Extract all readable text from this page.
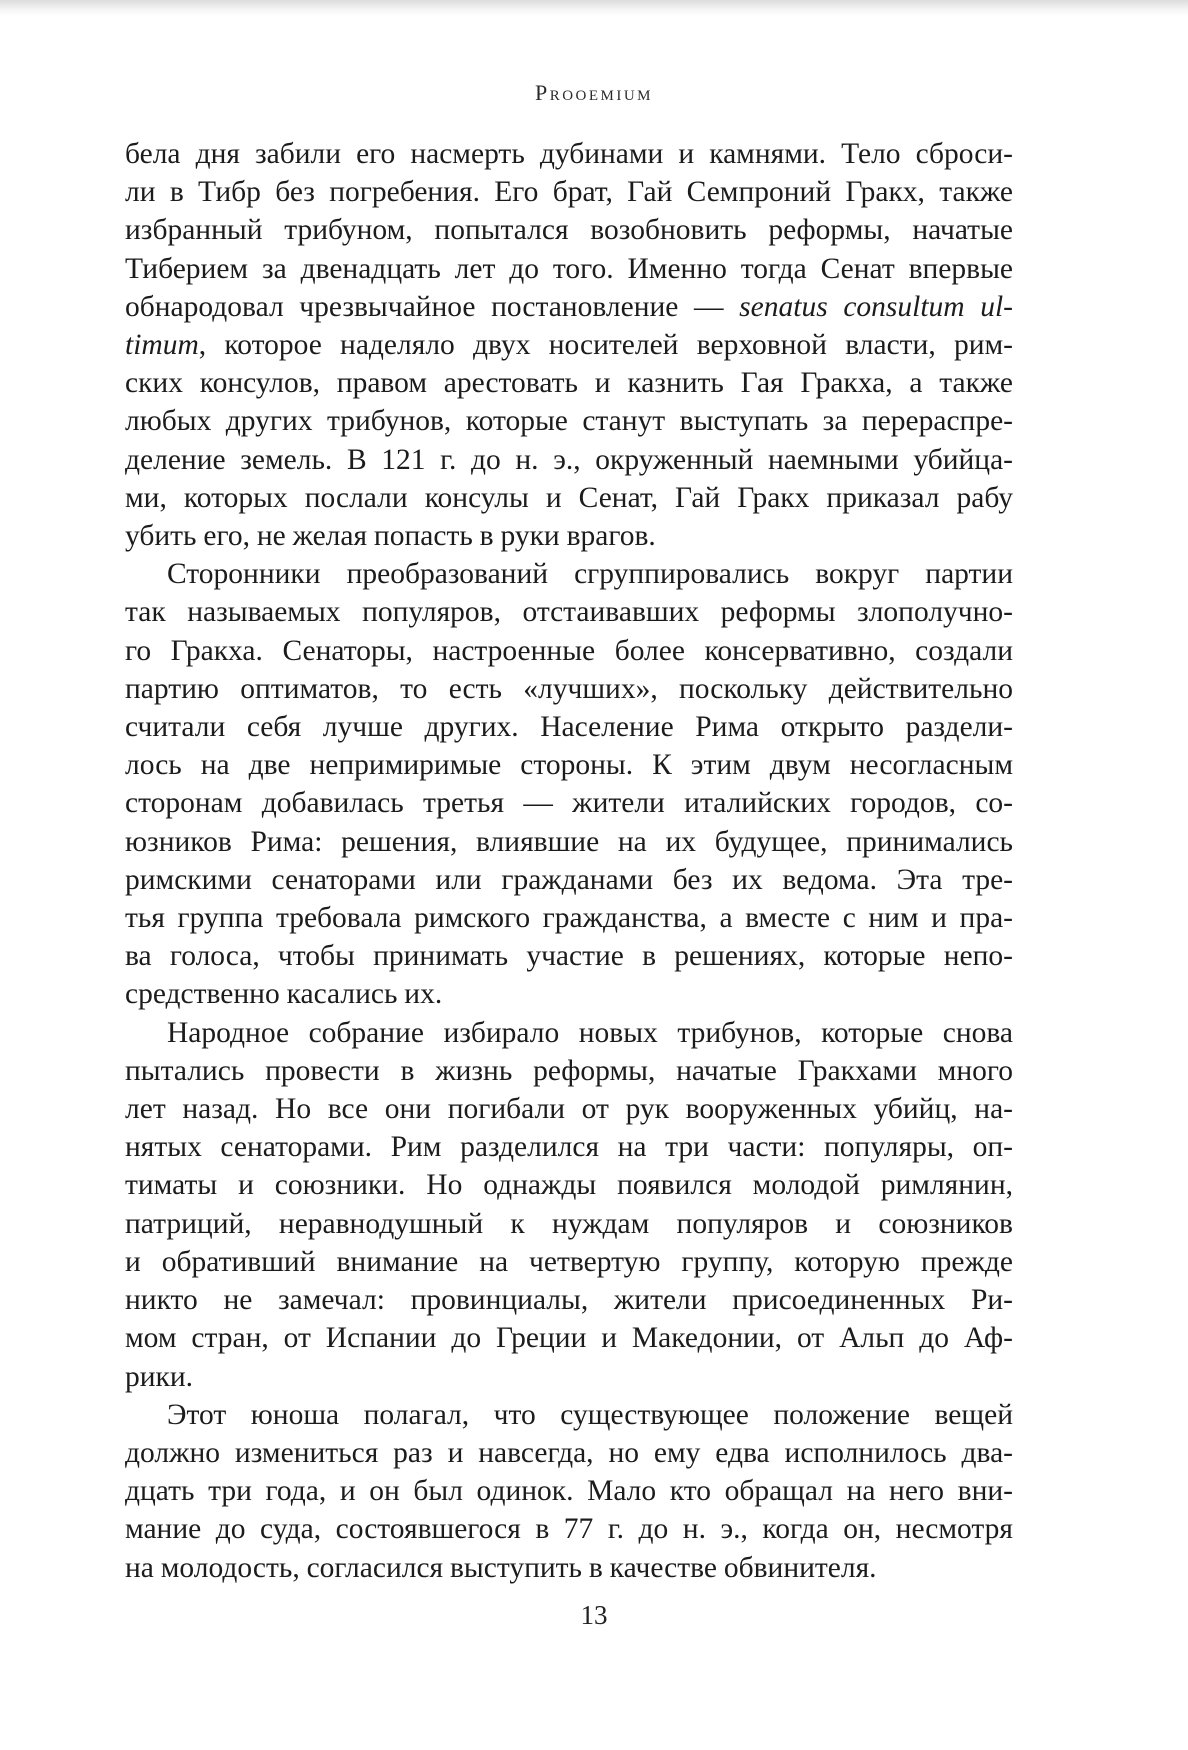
Prooemium
бела дня забили его насмерть дубинами и камнями. Тело сброси-
ли в Тибр без погребения. Его брат, Гай Семпроний Гракх, также
избранный трибуном, попытался возобновить реформы, начатые
Тиберием за двенадцать лет до того. Именно тогда Сенат впервые
обнародовал чрезвычайное постановление — senatus consultum ul-
timum, которое наделяло двух носителей верховной власти, рим-
ских консулов, правом арестовать и казнить Гая Гракха, а также
любых других трибунов, которые станут выступать за перераспре-
деление земель. В 121 г. до н. э., окруженный наемными убийца-
ми, которых послали консулы и Сенат, Гай Гракх приказал рабу
убить его, не желая попасть в руки врагов.
Сторонники преобразований сгруппировались вокруг партии
так называемых популяров, отстаивавших реформы злополучно-
го Гракха. Сенаторы, настроенные более консервативно, создали
партию оптиматов, то есть «лучших», поскольку действительно
считали себя лучше других. Население Рима открыто раздели-
лось на две непримиримые стороны. К этим двум несогласным
сторонам добавилась третья — жители италийских городов, со-
юзников Рима: решения, влиявшие на их будущее, принимались
римскими сенаторами или гражданами без их ведома. Эта тре-
тья группа требовала римского гражданства, а вместе с ним и пра-
ва голоса, чтобы принимать участие в решениях, которые непо-
средственно касались их.
Народное собрание избирало новых трибунов, которые снова
пытались провести в жизнь реформы, начатые Гракхами много
лет назад. Но все они погибали от рук вооруженных убийц, на-
нятых сенаторами. Рим разделился на три части: популяры, оп-
тиматы и союзники. Но однажды появился молодой римлянин,
патриций, неравнодушный к нуждам популяров и союзников
и обративший внимание на четвертую группу, которую прежде
никто не замечал: провинциалы, жители присоединенных Ри-
мом стран, от Испании до Греции и Македонии, от Альп до Аф-
рики.
Этот юноша полагал, что существующее положение вещей
должно измениться раз и навсегда, но ему едва исполнилось два-
дцать три года, и он был одинок. Мало кто обращал на него вни-
мание до суда, состоявшегося в 77 г. до н. э., когда он, несмотря
на молодость, согласился выступить в качестве обвинителя.
13
